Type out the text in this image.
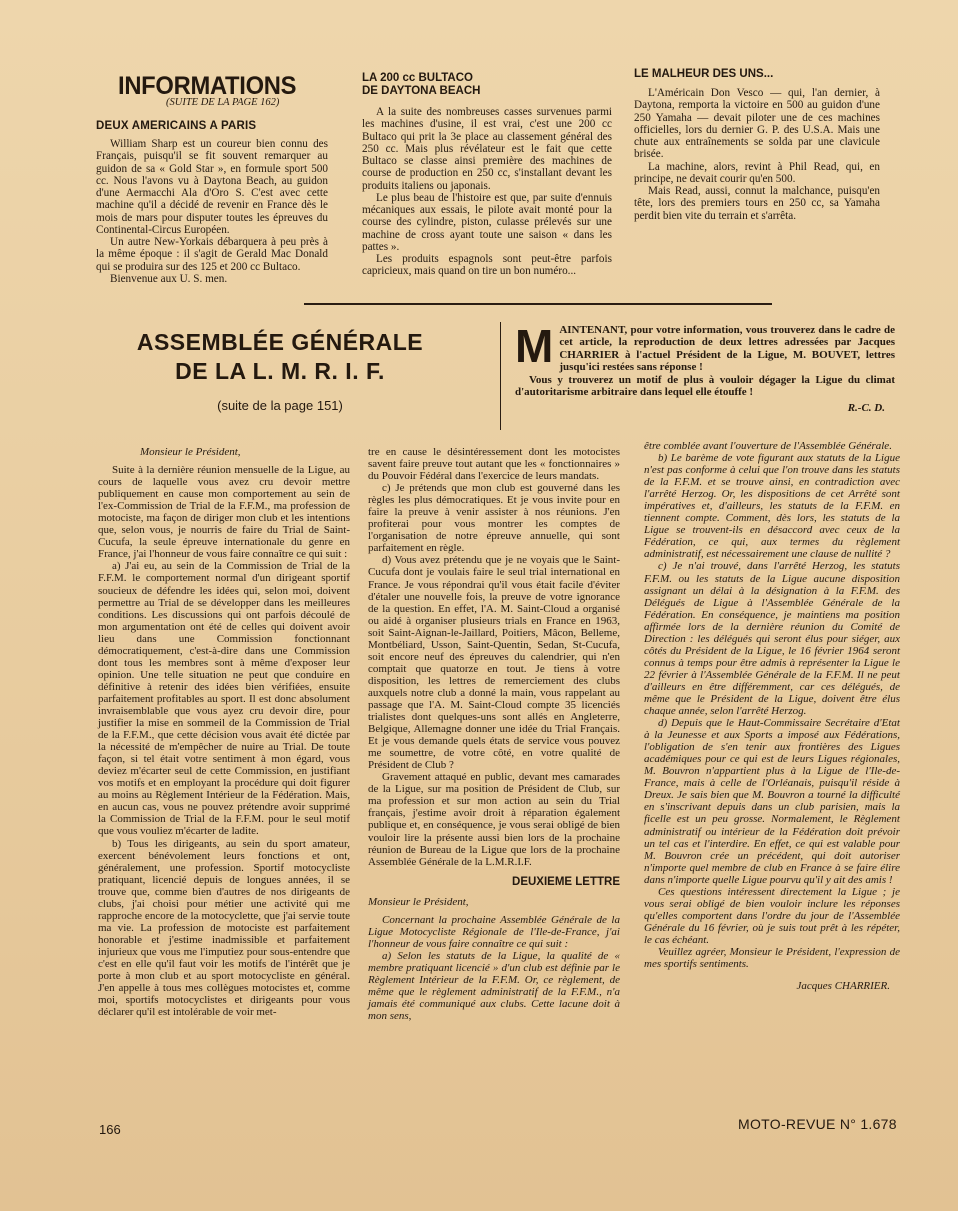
INFORMATIONS
(SUITE DE LA PAGE 162)
DEUX AMERICAINS A PARIS

William Sharp est un coureur bien connu des Français, puisqu'il se fit souvent remarquer au guidon de sa « Gold Star », en formule sport 500 cc. Nous l'avons vu à Daytona Beach, au guidon d'une Aermacchi Ala d'Oro S. C'est avec cette machine qu'il a décidé de revenir en France dès le mois de mars pour disputer toutes les épreuves du Continental-Circus Européen.

Un autre New-Yorkais débarquera à peu près à la même époque : il s'agit de Gerald Mac Donald qui se produira sur des 125 et 200 cc Bultaco.

Bienvenue aux U. S. men.

LA 200 cc BULTACO
DE DAYTONA BEACH

A la suite des nombreuses casses survenues parmi les machines d'usine, il est vrai, c'est une 200 cc Bultaco qui prit la 3e place au classement général des 250 cc. Mais plus révélateur est le fait que cette Bultaco se classe ainsi première des machines de course de production en 250 cc, s'installant devant les produits italiens ou japonais.

Le plus beau de l'histoire est que, par suite d'ennuis mécaniques aux essais, le pilote avait monté pour la course des cylindre, piston, culasse prélevés sur une machine de cross ayant toute une saison « dans les pattes ».

Les produits espagnols sont peut-être parfois capricieux, mais quand on tire un bon numéro...

LE MALHEUR DES UNS...

L'Américain Don Vesco — qui, l'an dernier, à Daytona, remporta la victoire en 500 au guidon d'une 250 Yamaha — devait piloter une de ces machines officielles, lors du dernier G. P. des U.S.A. Mais une chute aux entraînements se solda par une clavicule brisée.

La machine, alors, revint à Phil Read, qui, en principe, ne devait courir qu'en 500.

Mais Read, aussi, connut la malchance, puisqu'en tête, lors des premiers tours en 250 cc, sa Yamaha perdit bien vite du terrain et s'arrêta.

ASSEMBLÉE GÉNÉRALE
DE LA L. M. R. I. F.
(suite de la page 151)
M AINTENANT, pour votre information, vous trouverez dans le cadre de cet article, la reproduction de deux lettres adressées par Jacques CHARRIER à l'actuel Président de la Ligue, M. BOUVET, lettres jusqu'ici restées sans réponse !

Vous y trouverez un motif de plus à vouloir dégager la Ligue du climat d'autoritarisme arbitraire dans lequel elle étouffe !

R.-C. D.
Monsieur le Président,

Suite à la dernière réunion mensuelle de la Ligue, au cours de laquelle vous avez cru devoir mettre publiquement en cause mon comportement au sein de l'ex-Commission de Trial de la F.F.M., ma profession de motociste, ma façon de diriger mon club et les intentions que, selon vous, je nourris de faire du Trial de Saint-Cucufa, la seule épreuve internationale du genre en France, j'ai l'honneur de vous faire connaître ce qui suit :

a) J'ai eu, au sein de la Commission de Trial de la F.F.M. le comportement normal d'un dirigeant sportif soucieux de défendre les idées qui, selon moi, doivent permettre au Trial de se développer dans les meilleures conditions. Les discussions qui ont parfois découlé de mon argumentation ont été de celles qui doivent avoir lieu dans une Commission fonctionnant démocratiquement, c'est-à-dire dans une Commission dont tous les membres sont à même d'exposer leur opinion. Une telle situation ne peut que conduire en définitive à retenir des idées bien vérifiées, ensuite parfaitement profitables au sport. Il est donc absolument invraisemblable que vous ayez cru devoir dire, pour justifier la mise en sommeil de la Commission de Trial de la F.F.M., que cette décision vous avait été dictée par la nécessité de m'empêcher de nuire au Trial. De toute façon, si tel était votre sentiment à mon égard, vous deviez m'écarter seul de cette Commission, en justifiant vos motifs et en employant la procédure qui doit figurer au moins au Règlement Intérieur de la Fédération. Mais, en aucun cas, vous ne pouvez prétendre avoir supprimé la Commission de Trial de la F.F.M. pour le seul motif que vous vouliez m'écarter de ladite.

b) Tous les dirigeants, au sein du sport amateur, exercent bénévolement leurs fonctions et ont, généralement, une profession. Sportif motocycliste pratiquant, licencié depuis de longues années, il se trouve que, comme bien d'autres de nos dirigeants de clubs, j'ai choisi pour métier une activité qui me rapproche encore de la motocyclette, que j'ai servie toute ma vie. La profession de motociste est parfaitement honorable et j'estime inadmissible et parfaitement injurieux que vous me l'imputiez pour sous-entendre que c'est en elle qu'il faut voir les motifs de l'intérêt que je porte à mon club et au sport motocycliste en général. J'en appelle à tous mes collègues motocistes et, comme moi, sportifs motocyclistes et dirigeants pour vous déclarer qu'il est intolérable de voir met-

tre en cause le désintéressement dont les motocistes savent faire preuve tout autant que les « fonctionnaires » du Pouvoir Fédéral dans l'exercice de leurs mandats.

c) Je prétends que mon club est gouverné dans les règles les plus démocratiques. Et je vous invite pour en faire la preuve à venir assister à nos réunions. J'en profiterai pour vous montrer les comptes de l'organisation de notre épreuve annuelle, qui sont parfaitement en règle.

d) Vous avez prétendu que je ne voyais que le Saint-Cucufa dont je voulais faire le seul trial international en France. Je vous répondrai qu'il vous était facile d'éviter d'étaler une nouvelle fois, la preuve de votre ignorance de la question. En effet, l'A. M. Saint-Cloud a organisé ou aidé à organiser plusieurs trials en France en 1963, soit Saint-Aignan-le-Jaillard, Poitiers, Mâcon, Belleme, Montbéliard, Usson, Saint-Quentin, Sedan, St-Cucufa, soit encore neuf des épreuves du calendrier, qui n'en comptait que quatorze en tout. Je tiens à votre disposition, les lettres de remerciement des clubs auxquels notre club a donné la main, vous rappelant au passage que l'A. M. Saint-Cloud compte 35 licenciés trialistes dont quelques-uns sont allés en Angleterre, Belgique, Allemagne donner une idée du Trial Français. Et je vous demande quels états de service vous pouvez me soumettre, de votre côté, en votre qualité de Président de Club ?

Gravement attaqué en public, devant mes camarades de la Ligue, sur ma position de Président de Club, sur ma profession et sur mon action au sein du Trial français, j'estime avoir droit à réparation également publique et, en conséquence, je vous serai obligé de bien vouloir lire la présente aussi bien lors de la prochaine réunion de Bureau de la Ligue que lors de la prochaine Assemblée Générale de la L.M.R.I.F.

DEUXIEME LETTRE
Monsieur le Président,

Concernant la prochaine Assemblée Générale de la Ligue Motocycliste Régionale de l'Ile-de-France, j'ai l'honneur de vous faire connaître ce qui suit :

a) Selon les statuts de la Ligue, la qualité de « membre pratiquant licencié » d'un club est définie par le Règlement Intérieur de la F.F.M. Or, ce règlement, de même que le règlement administratif de la F.F.M., n'a jamais été communiqué aux clubs. Cette lacune doit à mon sens,

être comblée avant l'ouverture de l'Assemblée Générale.

b) Le barème de vote figurant aux statuts de la Ligue n'est pas conforme à celui que l'on trouve dans les statuts de la F.F.M. et se trouve ainsi, en contradiction avec l'arrêté Herzog. Or, les dispositions de cet Arrêté sont impératives et, d'ailleurs, les statuts de la F.F.M. en tiennent compte. Comment, dès lors, les statuts de la Ligue se trouvent-ils en désaccord avec ceux de la Fédération, ce qui, aux termes du règlement administratif, est nécessairement une clause de nullité ?

c) Je n'ai trouvé, dans l'arrêté Herzog, les statuts F.F.M. ou les statuts de la Ligue aucune disposition assignant un délai à la désignation à la F.F.M. des Délégués de Ligue à l'Assemblée Générale de la Fédération. En conséquence, je maintiens ma position affirmée lors de la dernière réunion du Comité de Direction : les délégués qui seront élus pour siéger, aux côtés du Président de la Ligue, le 16 février 1964 seront connus à temps pour être admis à représenter la Ligue le 22 février à l'Assemblée Générale de la F.F.M. Il ne peut d'ailleurs en être différemment, car ces délégués, de même que le Président de la Ligue, doivent être élus chaque année, selon l'arrêté Herzog.

d) Depuis que le Haut-Commissaire Secrétaire d'Etat à la Jeunesse et aux Sports a imposé aux Fédérations, l'obligation de s'en tenir aux frontières des Ligues académiques pour ce qui est de leurs Ligues régionales, M. Bouvron n'appartient plus à la Ligue de l'Ile-de-France, mais à celle de l'Orléanais, puisqu'il réside à Dreux. Je sais bien que M. Bouvron a tourné la difficulté en s'inscrivant depuis dans un club parisien, mais la ficelle est un peu grosse. Normalement, le Règlement administratif ou intérieur de la Fédération doit prévoir un tel cas et l'interdire. En effet, ce qui est valable pour M. Bouvron crée un précédent, qui doit autoriser n'importe quel membre de club en France à se faire élire dans n'importe quelle Ligue pourvu qu'il y ait des amis !

Ces questions intéressent directement la Ligue ; je vous serai obligé de bien vouloir inclure les réponses qu'elles comportent dans l'ordre du jour de l'Assemblée Générale du 16 février, où je suis tout prêt à les répéter, le cas échéant.

Veuillez agréer, Monsieur le Président, l'expression de mes sportifs sentiments.

Jacques CHARRIER.
166	MOTO-REVUE N° 1.678
